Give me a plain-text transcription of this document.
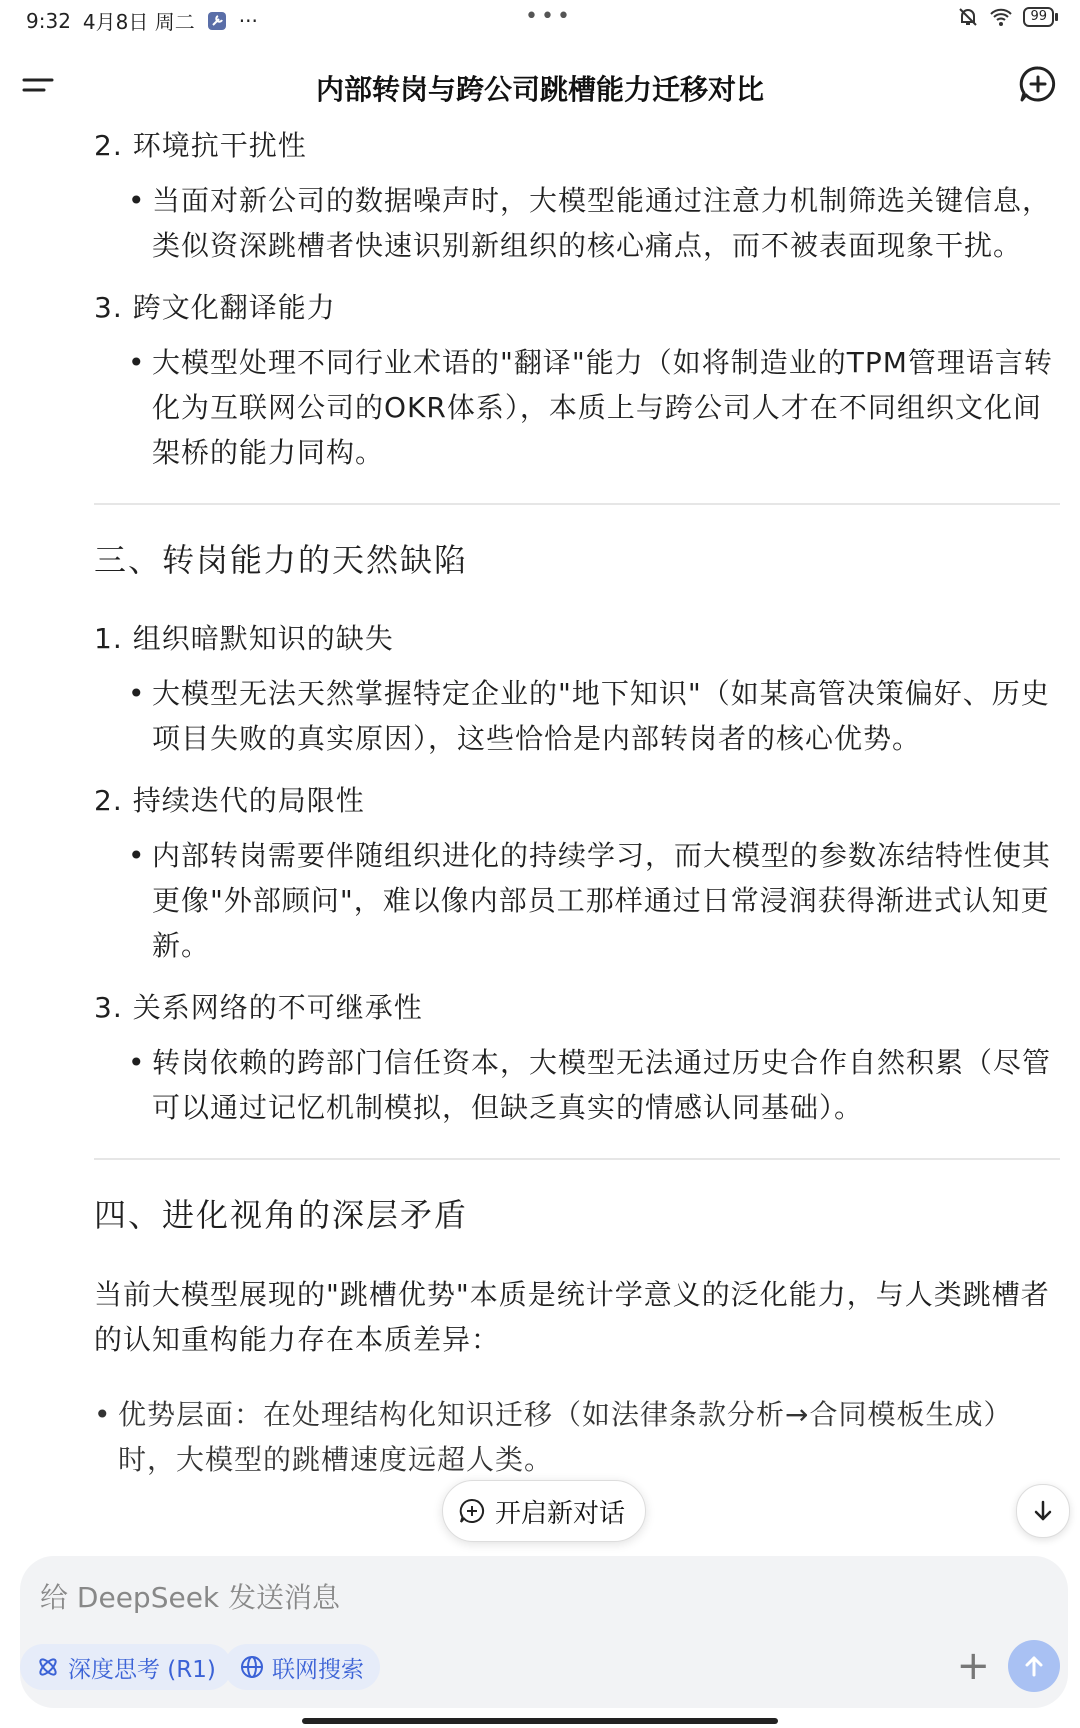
9:32 4月8日 周二 ···	•••	99
内部转岗与跨公司跳槽能力迁移对比
2. 环境抗干扰性
• 当面对新公司的数据噪声时，大模型能通过注意力机制筛选关键信息，类似资深跳槽者快速识别新组织的核心痛点，而不被表面现象干扰。
3. 跨文化翻译能力
• 大模型处理不同行业术语的"翻译"能力（如将制造业的TPM管理语言转化为互联网公司的OKR体系），本质上与跨公司人才在不同组织文化间架桥的能力同构。
三、转岗能力的天然缺陷
1. 组织暗默知识的缺失
• 大模型无法天然掌握特定企业的"地下知识"（如某高管决策偏好、历史项目失败的真实原因），这些恰恰是内部转岗者的核心优势。
2. 持续迭代的局限性
• 内部转岗需要伴随组织进化的持续学习，而大模型的参数冻结特性使其更像"外部顾问"，难以像内部员工那样通过日常浸润获得渐进式认知更新。
3. 关系网络的不可继承性
• 转岗依赖的跨部门信任资本，大模型无法通过历史合作自然积累（尽管可以通过记忆机制模拟，但缺乏真实的情感认同基础）。
四、进化视角的深层矛盾
当前大模型展现的"跳槽优势"本质是统计学意义的泛化能力，与人类跳槽者的认知重构能力存在本质差异：
• 优势层面：在处理结构化知识迁移（如法律条款分析→合同模板生成）时，大模型的跳槽速度远超人类。
开启新对话
给 DeepSeek 发送消息
深度思考 (R1) 联网搜索	+
